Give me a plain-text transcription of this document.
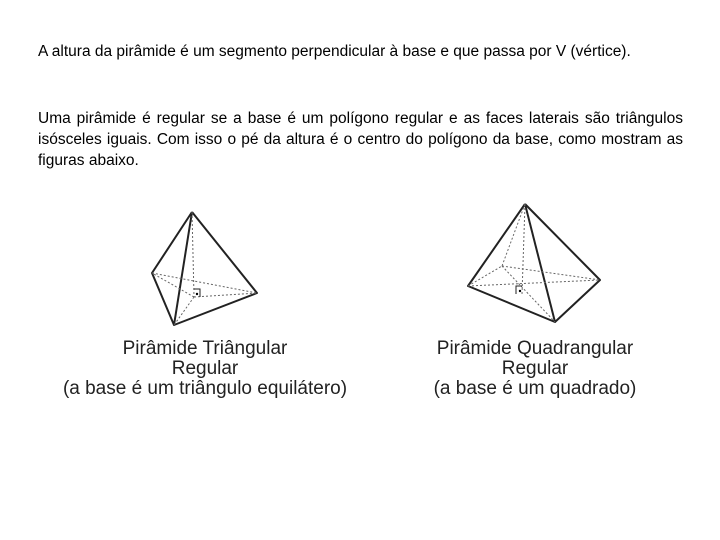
A altura da pirâmide é um segmento perpendicular à base e que passa por V (vértice).

Uma pirâmide é regular se a base é um polígono regular e as faces laterais são triângulos isósceles iguais. Com isso o pé da altura é o centro do polígono da base, como mostram as figuras abaixo.

Pirâmide Triângular
Regular
(a base é um triângulo equilátero)
Pirâmide Quadrangular
Regular
(a base é um quadrado)
